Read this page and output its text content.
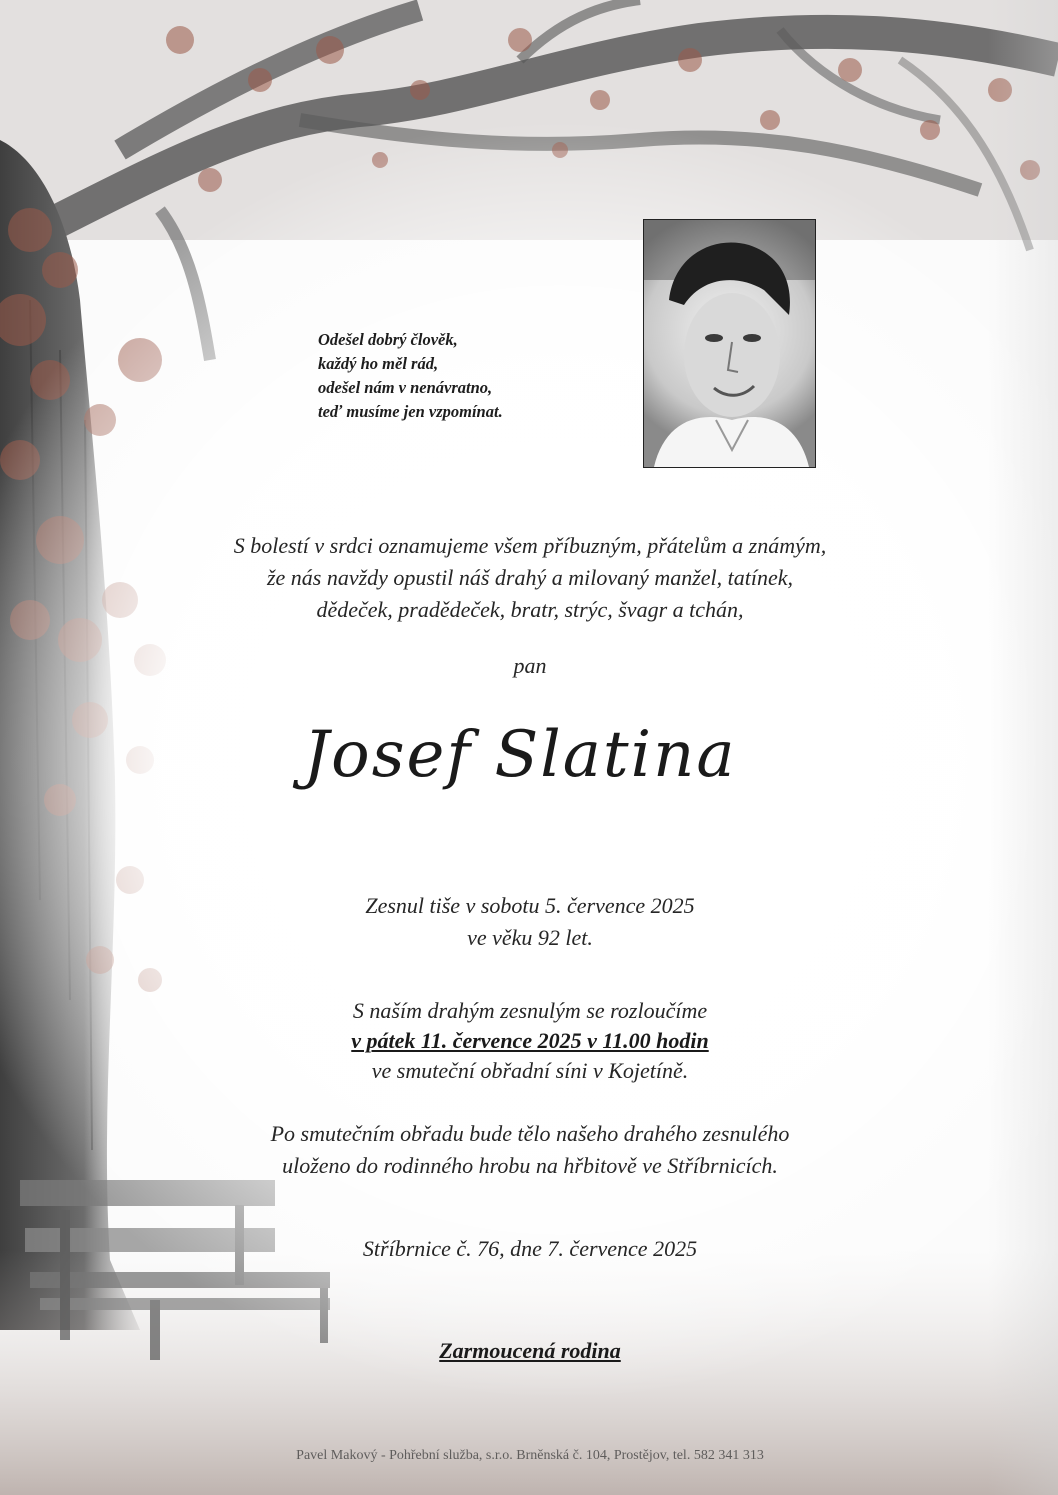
Odešel dobrý člověk,
každý ho měl rád,
odešel nám v nenávratno,
teď musíme jen vzpomínat.
S bolestí v srdci oznamujeme všem příbuzným, přátelům a známým,
že nás navždy opustil náš drahý a milovaný manžel, tatínek,
dědeček, pradědeček, bratr, strýc, švagr a tchán,
pan
Josef Slatina
Zesnul tiše v sobotu 5. července 2025
ve věku 92 let.
S naším drahým zesnulým se rozloučíme
v pátek 11. července 2025 v 11.00 hodin
ve smuteční obřadní síni v Kojetíně.
Po smutečním obřadu bude tělo našeho drahého zesnulého
uloženo do rodinného hrobu na hřbitově ve Stříbrnicích.
Stříbrnice č. 76, dne 7. července 2025
Zarmoucená rodina
Pavel Makový - Pohřební služba, s.r.o. Brněnská č. 104, Prostějov, tel. 582 341 313
